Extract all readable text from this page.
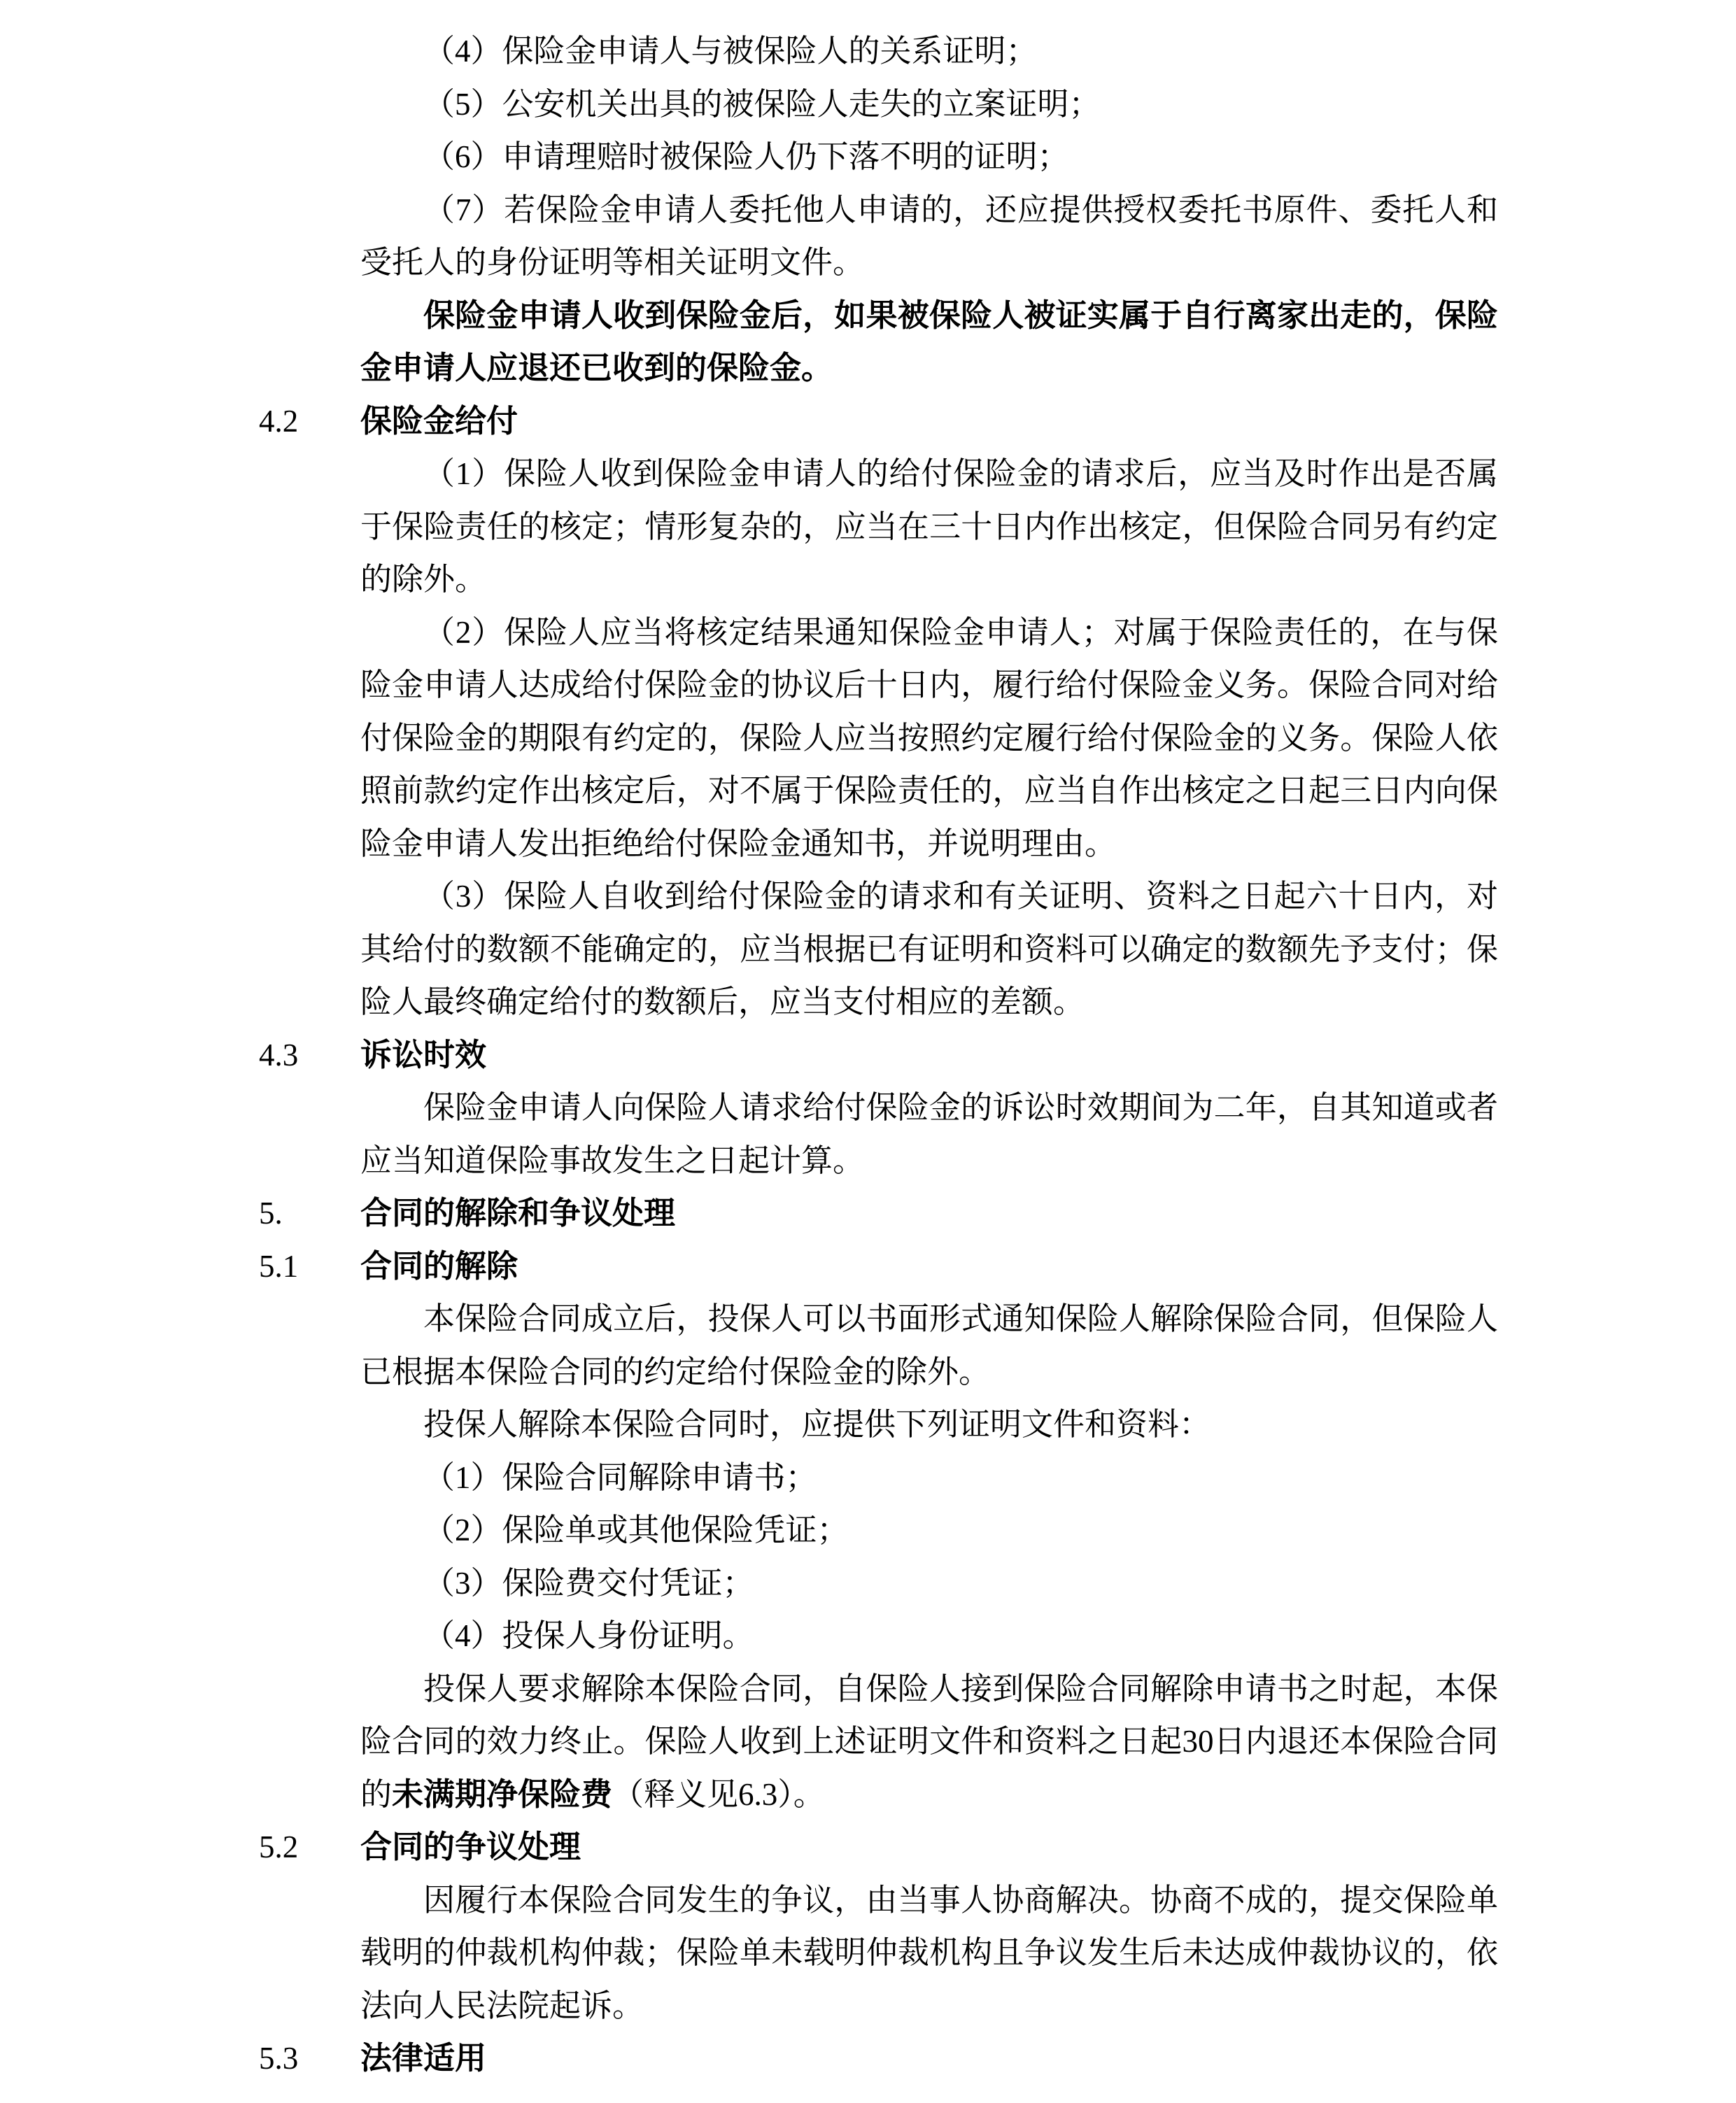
（4）保险金申请人与被保险人的关系证明；

（5）公安机关出具的被保险人走失的立案证明；

（6）申请理赔时被保险人仍下落不明的证明；

（7）若保险金申请人委托他人申请的，还应提供授权委托书原件、委托人和受托人的身份证明等相关证明文件。

保险金申请人收到保险金后，如果被保险人被证实属于自行离家出走的，保险金申请人应退还已收到的保险金。

4.2	保险金给付

（1）保险人收到保险金申请人的给付保险金的请求后，应当及时作出是否属于保险责任的核定；情形复杂的，应当在三十日内作出核定，但保险合同另有约定的除外。

（2）保险人应当将核定结果通知保险金申请人；对属于保险责任的，在与保险金申请人达成给付保险金的协议后十日内，履行给付保险金义务。保险合同对给付保险金的期限有约定的，保险人应当按照约定履行给付保险金的义务。保险人依照前款约定作出核定后，对不属于保险责任的，应当自作出核定之日起三日内向保险金申请人发出拒绝给付保险金通知书，并说明理由。

（3）保险人自收到给付保险金的请求和有关证明、资料之日起六十日内，对其给付的数额不能确定的，应当根据已有证明和资料可以确定的数额先予支付；保险人最终确定给付的数额后，应当支付相应的差额。

4.3	诉讼时效

保险金申请人向保险人请求给付保险金的诉讼时效期间为二年，自其知道或者应当知道保险事故发生之日起计算。

5.	合同的解除和争议处理
5.1	合同的解除

本保险合同成立后，投保人可以书面形式通知保险人解除保险合同，但保险人已根据本保险合同的约定给付保险金的除外。

投保人解除本保险合同时，应提供下列证明文件和资料：

（1）保险合同解除申请书；

（2）保险单或其他保险凭证；

（3）保险费交付凭证；

（4）投保人身份证明。

投保人要求解除本保险合同，自保险人接到保险合同解除申请书之时起，本保险合同的效力终止。保险人收到上述证明文件和资料之日起30日内退还本保险合同的未满期净保险费（释义见6.3）。

5.2	合同的争议处理

因履行本保险合同发生的争议，由当事人协商解决。协商不成的，提交保险单载明的仲裁机构仲裁；保险单未载明仲裁机构且争议发生后未达成仲裁协议的，依法向人民法院起诉。

5.3	法律适用
